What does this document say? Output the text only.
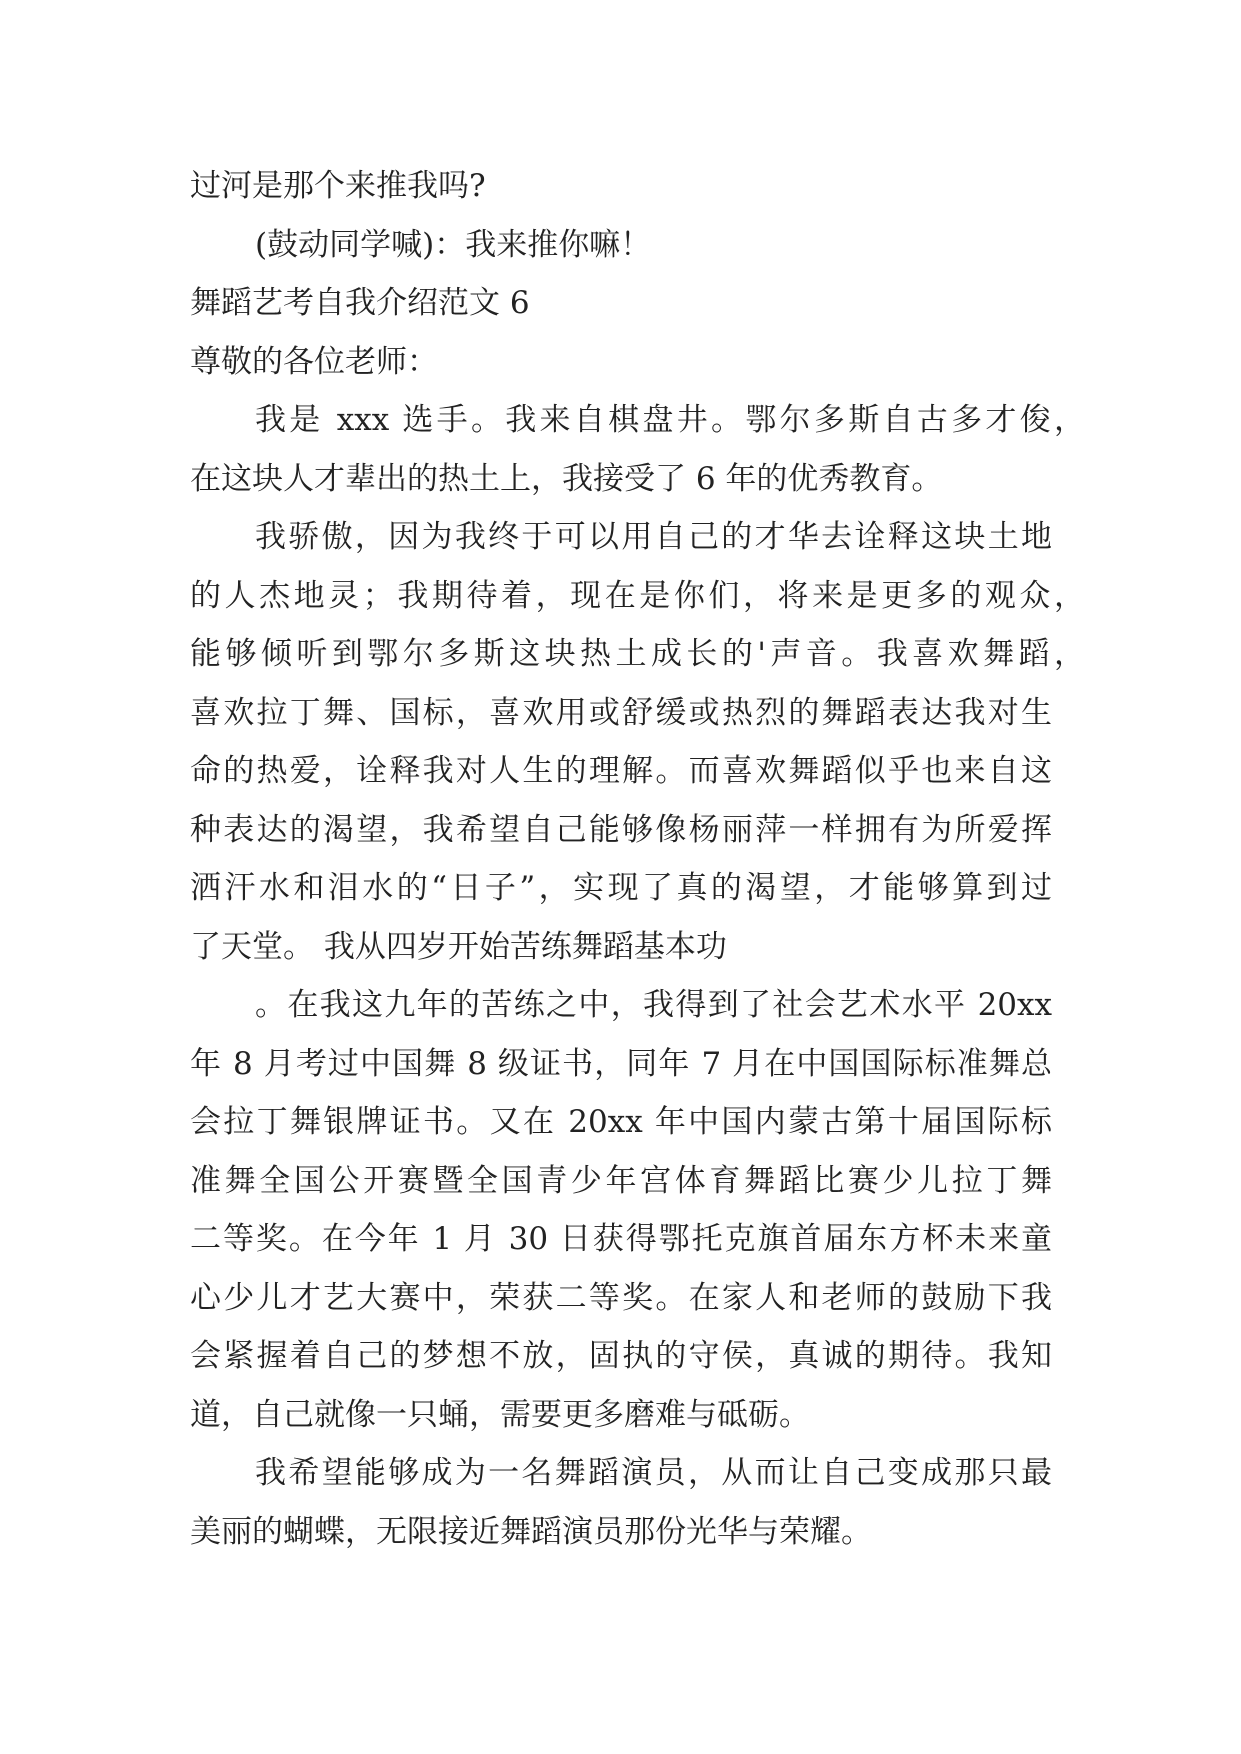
过河是那个来推我吗?
(鼓动同学喊)：我来推你嘛！
舞蹈艺考自我介绍范文 6
尊敬的各位老师：
我是 xxx 选手。我来自棋盘井。鄂尔多斯自古多才俊，
在这块人才辈出的热土上，我接受了 6 年的优秀教育。
我骄傲，因为我终于可以用自己的才华去诠释这块土地
的人杰地灵；我期待着，现在是你们，将来是更多的观众，
能够倾听到鄂尔多斯这块热土成长的'声音。我喜欢舞蹈，
喜欢拉丁舞、国标，喜欢用或舒缓或热烈的舞蹈表达我对生
命的热爱，诠释我对人生的理解。而喜欢舞蹈似乎也来自这
种表达的渴望，我希望自己能够像杨丽萍一样拥有为所爱挥
洒汗水和泪水的“日子”，实现了真的渴望，才能够算到过
了天堂。 我从四岁开始苦练舞蹈基本功
。在我这九年的苦练之中，我得到了社会艺术水平 20xx
年 8 月考过中国舞 8 级证书，同年 7 月在中国国际标准舞总
会拉丁舞银牌证书。又在 20xx 年中国内蒙古第十届国际标
准舞全国公开赛暨全国青少年宫体育舞蹈比赛少儿拉丁舞
二等奖。在今年 1 月 30 日获得鄂托克旗首届东方杯未来童
心少儿才艺大赛中，荣获二等奖。在家人和老师的鼓励下我
会紧握着自己的梦想不放，固执的守侯，真诚的期待。我知
道，自己就像一只蛹，需要更多磨难与砥砺。
我希望能够成为一名舞蹈演员，从而让自己变成那只最
美丽的蝴蝶，无限接近舞蹈演员那份光华与荣耀。
